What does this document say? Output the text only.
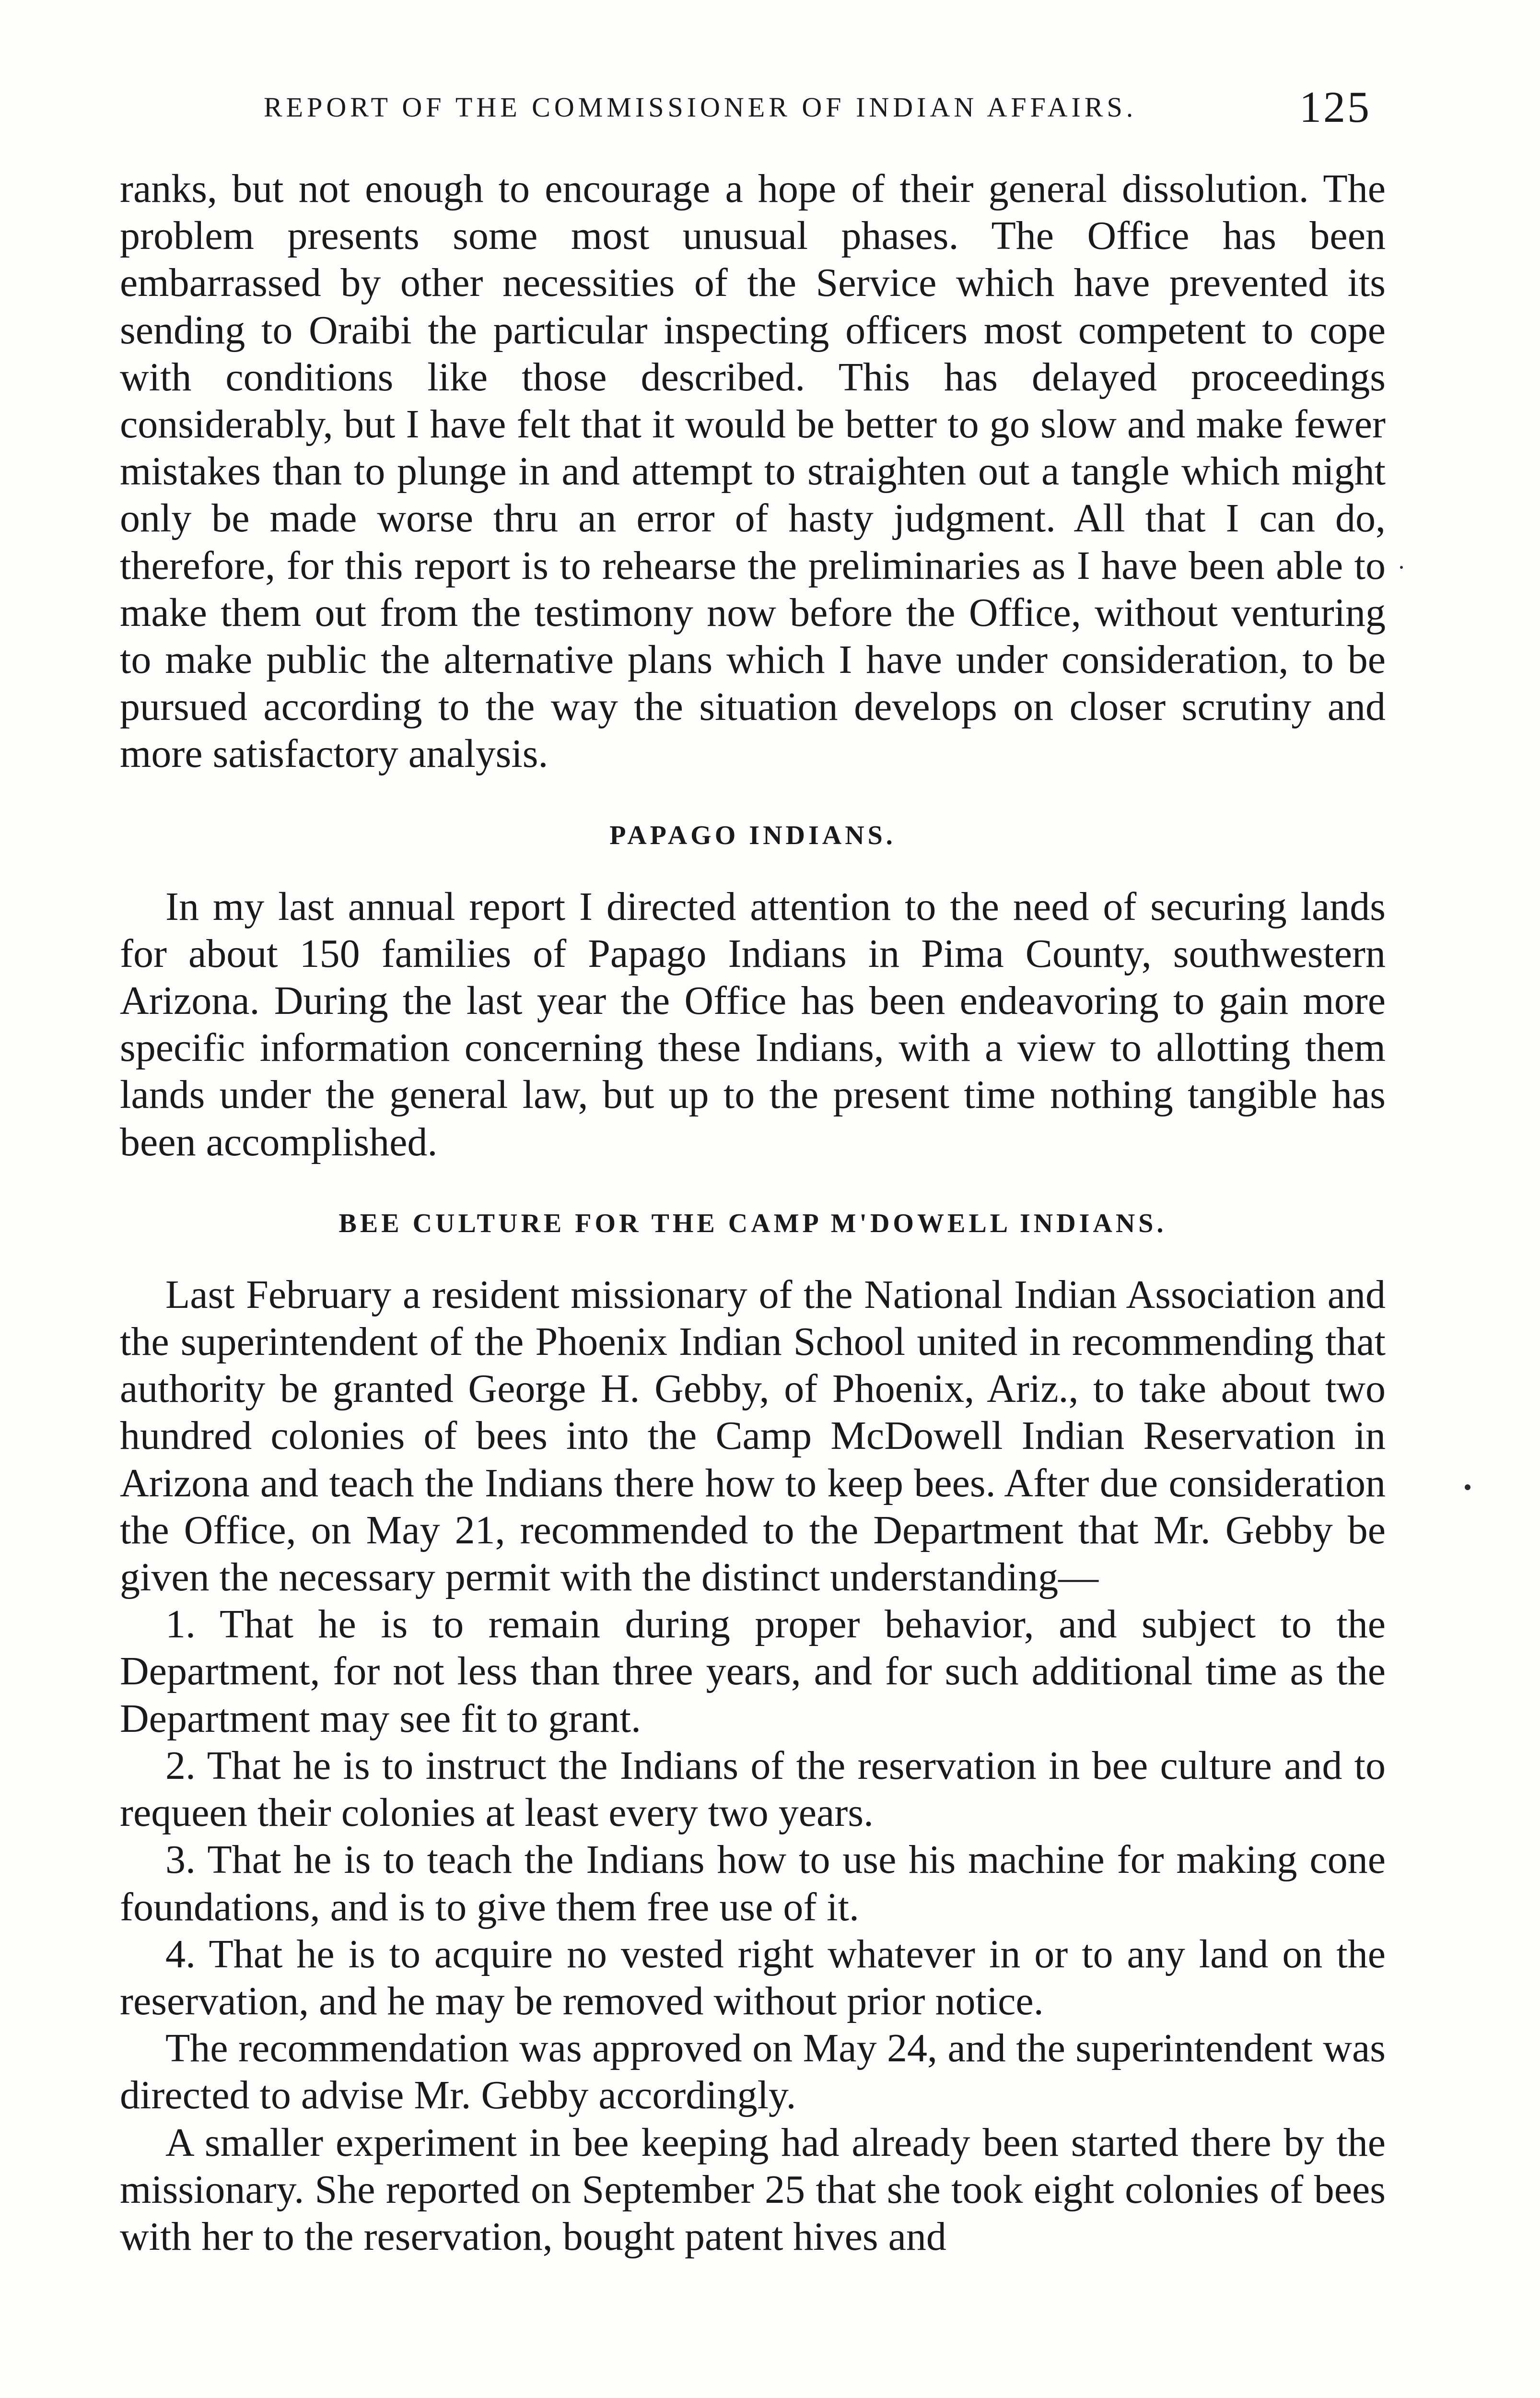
REPORT OF THE COMMISSIONER OF INDIAN AFFAIRS.	125

ranks, but not enough to encourage a hope of their general dissolution. The problem presents some most unusual phases. The Office has been embarrassed by other necessities of the Service which have prevented its sending to Oraibi the particular inspecting officers most competent to cope with conditions like those described. This has delayed proceedings considerably, but I have felt that it would be better to go slow and make fewer mistakes than to plunge in and attempt to straighten out a tangle which might only be made worse thru an error of hasty judgment. All that I can do, therefore, for this report is to rehearse the preliminaries as I have been able to make them out from the testimony now before the Office, without venturing to make public the alternative plans which I have under consideration, to be pursued according to the way the situation develops on closer scrutiny and more satisfactory analysis.

PAPAGO INDIANS.

In my last annual report I directed attention to the need of securing lands for about 150 families of Papago Indians in Pima County, southwestern Arizona. During the last year the Office has been endeavoring to gain more specific information concerning these Indians, with a view to allotting them lands under the general law, but up to the present time nothing tangible has been accomplished.

BEE CULTURE FOR THE CAMP M'DOWELL INDIANS.

Last February a resident missionary of the National Indian Association and the superintendent of the Phoenix Indian School united in recommending that authority be granted George H. Gebby, of Phoenix, Ariz., to take about two hundred colonies of bees into the Camp McDowell Indian Reservation in Arizona and teach the Indians there how to keep bees. After due consideration the Office, on May 21, recommended to the Department that Mr. Gebby be given the necessary permit with the distinct understanding—

1. That he is to remain during proper behavior, and subject to the Department, for not less than three years, and for such additional time as the Department may see fit to grant.

2. That he is to instruct the Indians of the reservation in bee culture and to requeen their colonies at least every two years.

3. That he is to teach the Indians how to use his machine for making cone foundations, and is to give them free use of it.

4. That he is to acquire no vested right whatever in or to any land on the reservation, and he may be removed without prior notice.

The recommendation was approved on May 24, and the superintendent was directed to advise Mr. Gebby accordingly.

A smaller experiment in bee keeping had already been started there by the missionary. She reported on September 25 that she took eight colonies of bees with her to the reservation, bought patent hives and
